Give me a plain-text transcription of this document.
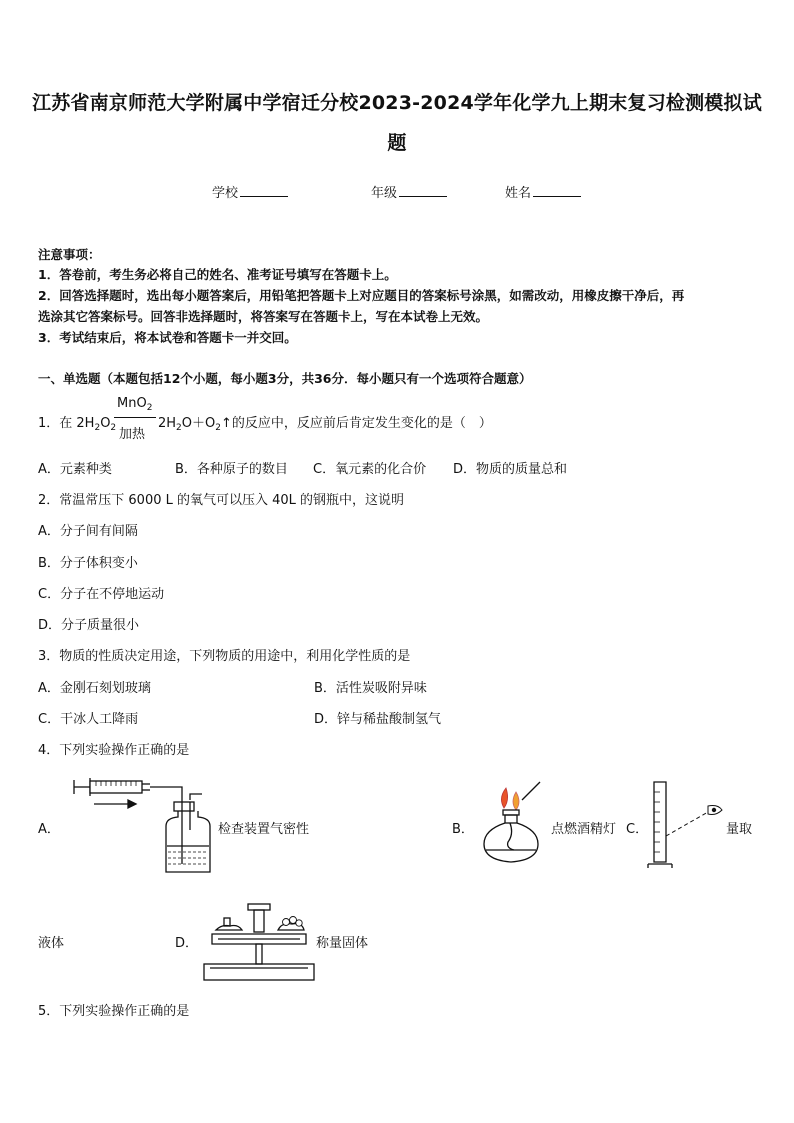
江苏省南京师范大学附属中学宿迁分校2023-2024学年化学九上期末复习检测模拟试
题
学校	年级	姓名
注意事项：
1．答卷前，考生务必将自己的姓名、准考证号填写在答题卡上。
2．回答选择题时，选出每小题答案后，用铅笔把答题卡上对应题目的答案标号涂黑，如需改动，用橡皮擦干净后，再
选涂其它答案标号。回答非选择题时，将答案写在答题卡上，写在本试卷上无效。
3．考试结束后，将本试卷和答题卡一并交回。
一、单选题（本题包括12个小题，每小题3分，共36分．每小题只有一个选项符合题意）
1．在 $2H_2O_2$
MnO$_2$
加热
$2H_2O+O_2↑$的反应中，反应前后肯定发生变化的是（　）
A．元素种类	B．各种原子的数目 C．氧元素的化合价 D．物质的质量总和
2．常温常压下 6000 L 的氧气可以压入 40L 的钢瓶中，这说明
A．分子间有间隔
B．分子体积变小
C．分子在不停地运动
D．分子质量很小
3．物质的性质决定用途，下列物质的用途中，利用化学性质的是
A．金刚石刻划玻璃	B．活性炭吸附异味
C．干冰人工降雨	D．锌与稀盐酸制氢气
4．下列实验操作正确的是
A．	检查装置气密性	B．	点燃酒精灯 C．	量取
液体	D．	称量固体
5．下列实验操作正确的是
